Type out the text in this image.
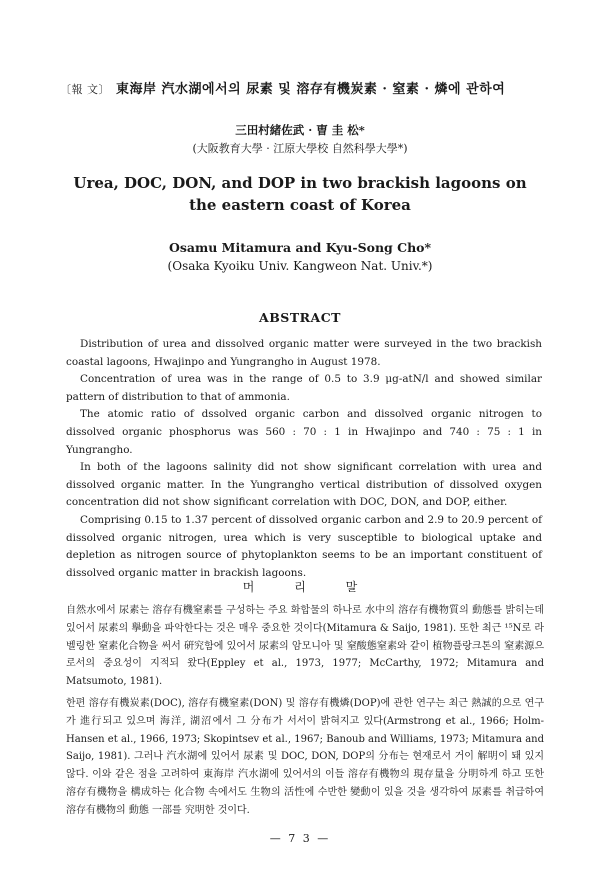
〔報 文〕 東海岸 汽水湖에서의 尿素 및 溶存有機炭素 · 窒素 · 燐에 관하여
三田村緒佐武 · 曺 圭 松*
(大阪教育大學 · 江原大學校 自然科學大學*)
Urea, DOC, DON, and DOP in two brackish lagoons on
the eastern coast of Korea
Osamu Mitamura and Kyu-Song Cho*
(Osaka Kyoiku Univ. Kangweon Nat. Univ.*)
ABSTRACT

Distribution of urea and dissolved organic matter were surveyed in the two brackish coastal lagoons, Hwajinpo and Yungrangho in August 1978.

Concentration of urea was in the range of 0.5 to 3.9 μg-atN/l and showed similar pattern of distribution to that of ammonia.

The atomic ratio of dssolved organic carbon and dissolved organic nitrogen to dissolved organic phosphorus was 560 : 70 : 1 in Hwajinpo and 740 : 75 : 1 in Yungrangho.

In both of the lagoons salinity did not show significant correlation with urea and dissolved organic matter. In the Yungrangho vertical distribution of dissolved oxygen concentration did not show significant correlation with DOC, DON, and DOP, either.

Comprising 0.15 to 1.37 percent of dissolved organic carbon and 2.9 to 20.9 percent of dissolved organic nitrogen, urea which is very susceptible to biological uptake and depletion as nitrogen source of phytoplankton seems to be an important constituent of dissolved organic matter in brackish lagoons.

머 리 말

自然水에서 尿素는 溶存有機窒素를 구성하는 주요 화합물의 하나로 水中의 溶存有機物質의 動態를 밝히는데 있어서 尿素의 擧動을 파악한다는 것은 매우 중요한 것이다(Mitamura & Saijo, 1981). 또한 최근 ¹⁵N로 라벨링한 窒素化合物을 써서 硏究함에 있어서 尿素의 암모니아 및 窒酸態窒素와 같이 植物플랑크톤의 窒素源으로서의 중요성이 지적되 왔다(Eppley et al., 1973, 1977; McCarthy, 1972; Mitamura and Matsumoto, 1981).

한편 溶存有機炭素(DOC), 溶存有機窒素(DON) 및 溶存有機燐(DOP)에 관한 연구는 최근 熱誠的으로 연구가 進行되고 있으며 海洋, 湖沼에서 그 分布가 서서이 밝혀지고 있다(Armstrong et al., 1966; Holm-Hansen et al., 1966, 1973; Skopintsev et al., 1967; Banoub and Williams, 1973; Mitamura and Saijo, 1981). 그러나 汽水湖에 있어서 尿素 및 DOC, DON, DOP의 分布는 현재로서 거이 解明이 돼 있지 않다. 이와 같은 점을 고려하여 東海岸 汽水湖에 있어서의 이들 溶存有機物의 現存量을 分明하게 하고 또한 溶存有機物을 構成하는 化合物 속에서도 生物의 活性에 수반한 變動이 있을 것을 생각하여 尿素를 취급하여 溶存有機物의 動態 一部를 究明한 것이다.

— 7 3 —
